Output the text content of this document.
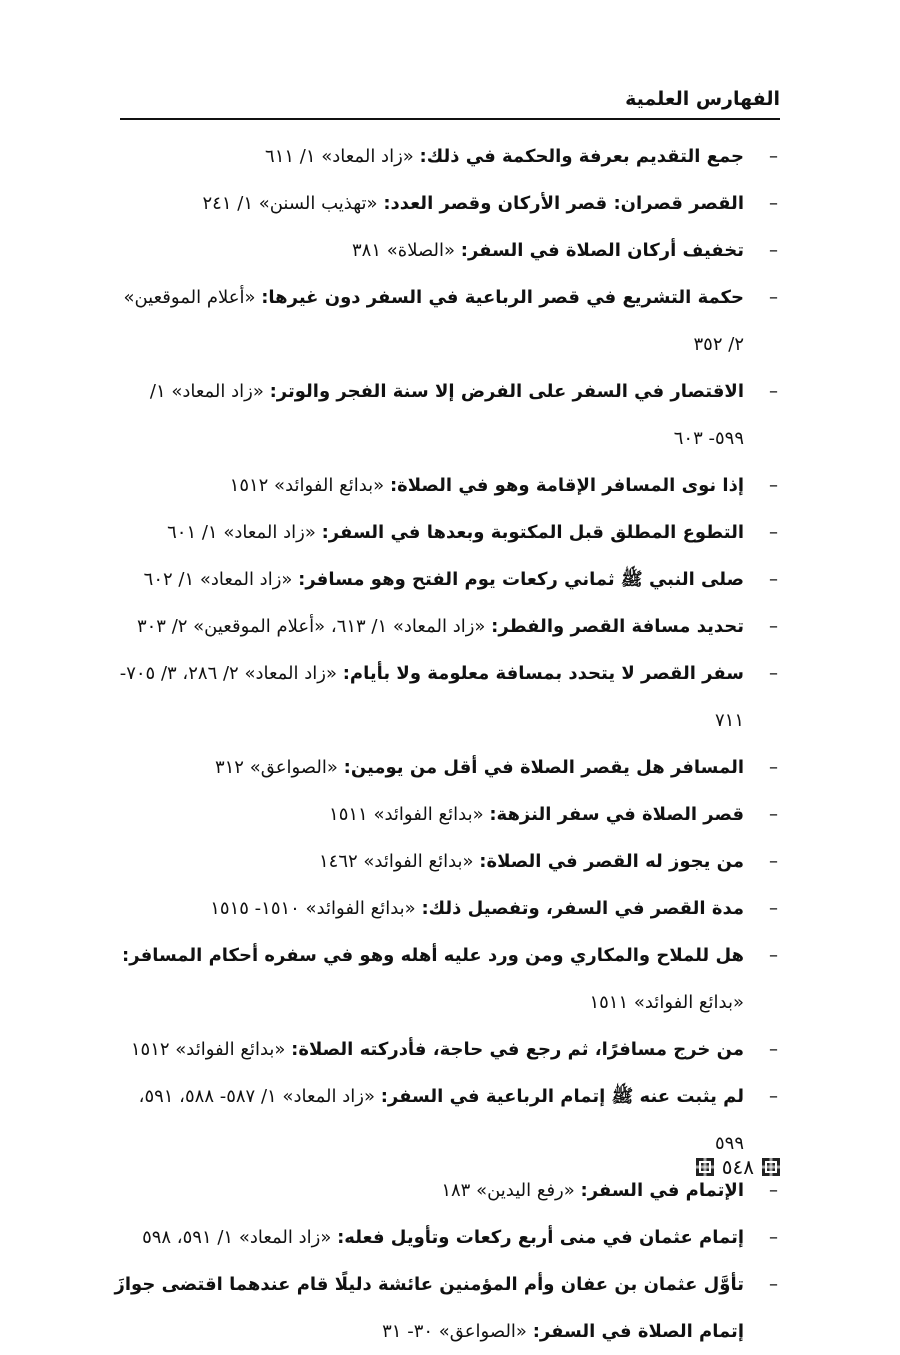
الفهارس العلمية
–
جمع التقديم بعرفة والحكمة في ذلك: «زاد المعاد» ١/ ٦١١
–
القصر قصران: قصر الأركان وقصر العدد: «تهذيب السنن» ١/ ٢٤١
–
تخفيف أركان الصلاة في السفر: «الصلاة» ٣٨١
–
حكمة التشريع في قصر الرباعية في السفر دون غيرها: «أعلام الموقعين» ٢/ ٣٥٢
–
الاقتصار في السفر على الفرض إلا سنة الفجر والوتر: «زاد المعاد» ١/ ٥٩٩- ٦٠٣
–
إذا نوى المسافر الإقامة وهو في الصلاة: «بدائع الفوائد» ١٥١٢
–
التطوع المطلق قبل المكتوبة وبعدها في السفر: «زاد المعاد» ١/ ٦٠١
–
صلى النبي ﷺ ثماني ركعات يوم الفتح وهو مسافر: «زاد المعاد» ١/ ٦٠٢
–
تحديد مسافة القصر والفطر: «زاد المعاد» ١/ ٦١٣، «أعلام الموقعين» ٢/ ٣٠٣
–
سفر القصر لا يتحدد بمسافة معلومة ولا بأيام: «زاد المعاد» ٢/ ٢٨٦، ٣/ ٧٠٥- ٧١١
–
المسافر هل يقصر الصلاة في أقل من يومين: «الصواعق» ٣١٢
–
قصر الصلاة في سفر النزهة: «بدائع الفوائد» ١٥١١
–
من يجوز له القصر في الصلاة: «بدائع الفوائد» ١٤٦٢
–
مدة القصر في السفر، وتفصيل ذلك: «بدائع الفوائد» ١٥١٠- ١٥١٥
–
هل للملاح والمكاري ومن ورد عليه أهله وهو في سفره أحكام المسافر: «بدائع الفوائد» ١٥١١
–
من خرج مسافرًا، ثم رجع في حاجة، فأدركته الصلاة: «بدائع الفوائد» ١٥١٢
–
لم يثبت عنه ﷺ إتمام الرباعية في السفر: «زاد المعاد» ١/ ٥٨٧- ٥٨٨، ٥٩١، ٥٩٩
–
الإتمام في السفر: «رفع اليدين» ١٨٣
–
إتمام عثمان في منى أربع ركعات وتأويل فعله: «زاد المعاد» ١/ ٥٩١، ٥٩٨
–
تأوَّل عثمان بن عفان وأم المؤمنين عائشة دليلًا قام عندهما اقتضى جوازَ إتمام الصلاة في السفر: «الصواعق» ٣٠- ٣١
٥٤٨
